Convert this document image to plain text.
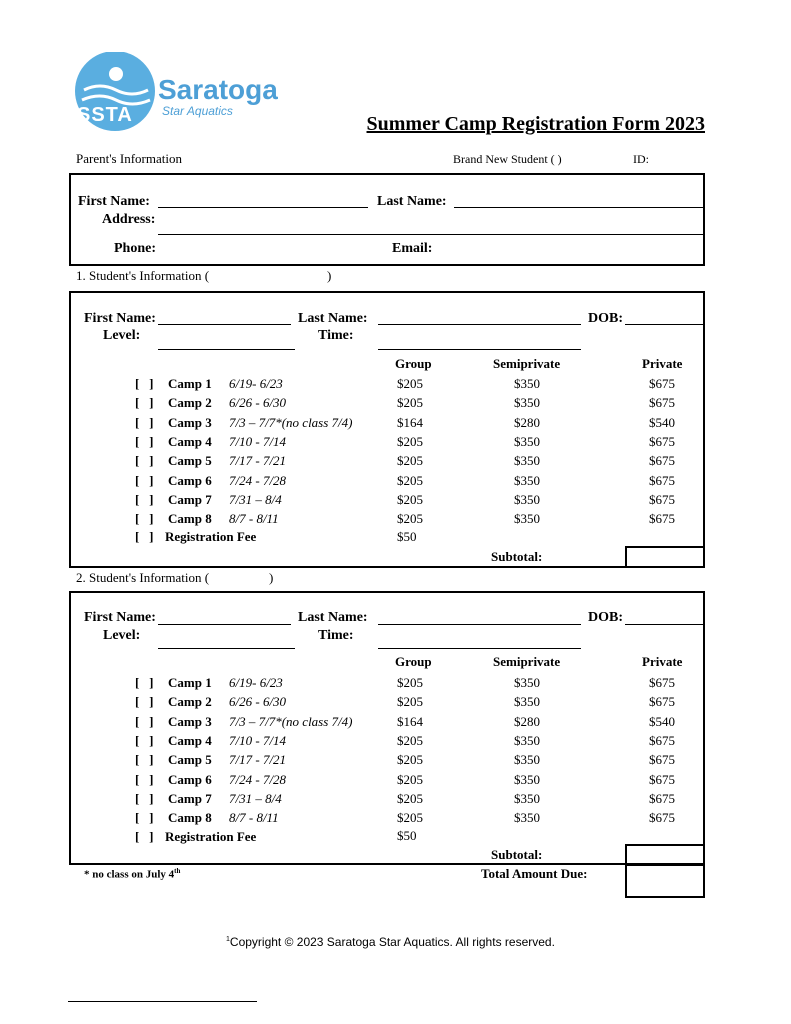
SSTA
Saratoga
Star Aquatics
Summer Camp Registration Form 2023
Parent's Information	Brand New Student ( )	ID:
First Name:	Last Name:
Address:
Phone:	Email:
1. Student's Information (	)
First Name:	Last Name:	DOB:
Level:	Time:
Group	Semiprivate	Private
[   ] Camp 1 6/19- 6/23	$205	$350	$675
[   ] Camp 2 6/26 - 6/30	$205	$350	$675
[   ] Camp 3 7/3 – 7/7*(no class 7/4)	$164	$280	$540
[   ] Camp 4 7/10 - 7/14	$205	$350	$675
[   ] Camp 5 7/17 - 7/21	$205	$350	$675
[   ] Camp 6 7/24 - 7/28	$205	$350	$675
[   ] Camp 7 7/31 – 8/4	$205	$350	$675
[   ] Camp 8 8/7 - 8/11	$205	$350	$675
[   ] Registration Fee	$50
Subtotal:
2. Student's Information (	)
First Name:	Last Name:	DOB:
Level:	Time:
Group	Semiprivate	Private
[   ] Camp 1 6/19- 6/23	$205	$350	$675
[   ] Camp 2 6/26 - 6/30	$205	$350	$675
[   ] Camp 3 7/3 – 7/7*(no class 7/4)	$164	$280	$540
[   ] Camp 4 7/10 - 7/14	$205	$350	$675
[   ] Camp 5 7/17 - 7/21	$205	$350	$675
[   ] Camp 6 7/24 - 7/28	$205	$350	$675
[   ] Camp 7 7/31 – 8/4	$205	$350	$675
[   ] Camp 8 8/7 - 8/11	$205	$350	$675
[   ] Registration Fee	$50
Subtotal:
* no class on July 4th	Total Amount Due:
$^1$Copyright © 2023 Saratoga Star Aquatics. All rights reserved.
